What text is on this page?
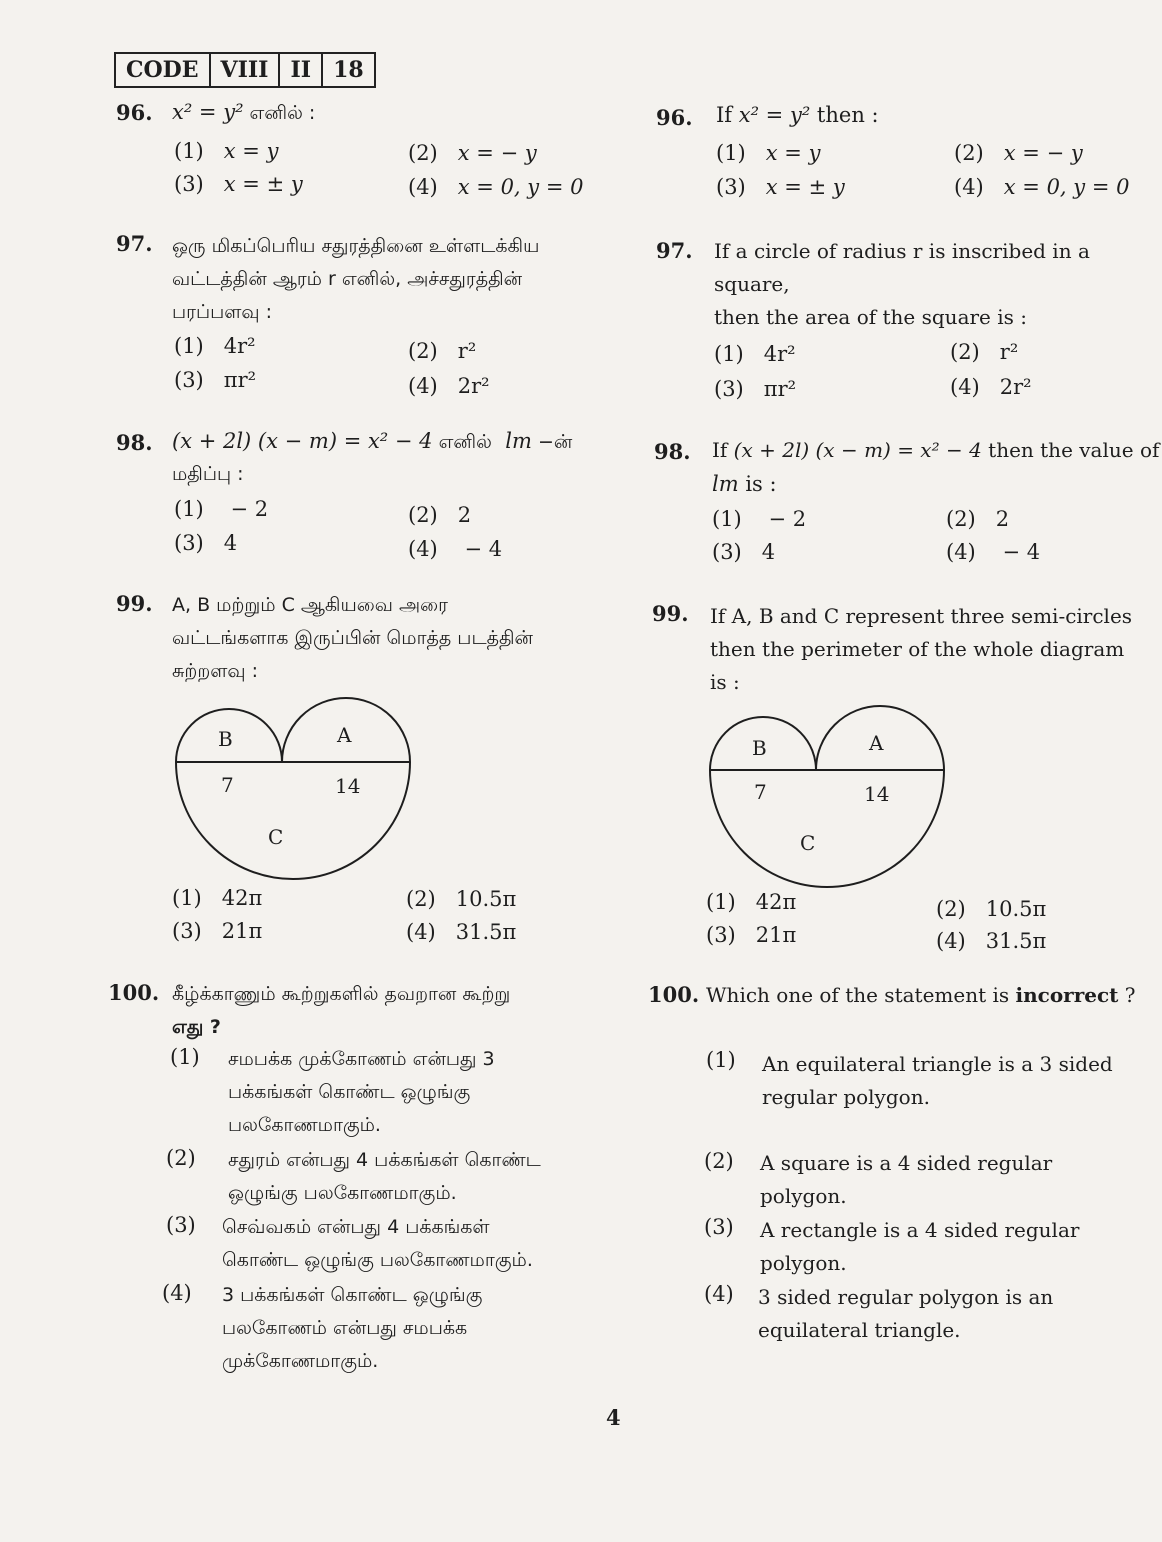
CODE	VIII	II	18
96. x² = y² எனில் :
(1) x = y	(2) x = − y
(3) x = ± y	(4) x = 0, y = 0
97. ஒரு மிகப்பெரிய சதுரத்தினை உள்ளடக்கிய
வட்டத்தின் ஆரம் r எனில், அச்சதுரத்தின்
பரப்பளவு :
(1) 4r²	(2) r²
(3) πr²	(4) 2r²
98. (x + 2l) (x − m) = x² − 4 எனில் lm −ன்
மதிப்பு :
(1) − 2	(2) 2
(3) 4	(4) − 4
99. A, B மற்றும் C ஆகியவை அரை
வட்டங்களாக இருப்பின் மொத்த படத்தின்
சுற்றளவு :
B	A
7	14
C
(1) 42π	(2) 10.5π
(3) 21π	(4) 31.5π
100. கீழ்க்காணும் கூற்றுகளில் தவறான கூற்று
எது ?
(1) சமபக்க முக்கோணம் என்பது 3
பக்கங்கள் கொண்ட ஒழுங்கு
பலகோணமாகும்.
(2) சதுரம் என்பது 4 பக்கங்கள் கொண்ட
ஒழுங்கு பலகோணமாகும்.
(3) செவ்வகம் என்பது 4 பக்கங்கள்
கொண்ட ஒழுங்கு பலகோணமாகும்.
(4) 3 பக்கங்கள் கொண்ட ஒழுங்கு
பலகோணம் என்பது சமபக்க
முக்கோணமாகும்.
96. If x² = y² then :
(1) x = y	(2) x = − y
(3) x = ± y	(4) x = 0, y = 0
97. If a circle of radius r is inscribed in a square,
then the area of the square is :
(1) 4r²	(2) r²
(3) πr²	(4) 2r²
98. If (x + 2l) (x − m) = x² − 4 then the value of
lm is :
(1) − 2	(2) 2
(3) 4	(4) − 4
99. If A, B and C represent three semi-circles
then the perimeter of the whole diagram
is :
B	A
7	14
C
(1) 42π	(2) 10.5π
(3) 21π	(4) 31.5π
100. Which one of the statement is incorrect ?
(1) An equilateral triangle is a 3 sided
regular polygon.
(2) A square is a 4 sided regular
polygon.
(3) A rectangle is a 4 sided regular
polygon.
(4) 3 sided regular polygon is an
equilateral triangle.
4
